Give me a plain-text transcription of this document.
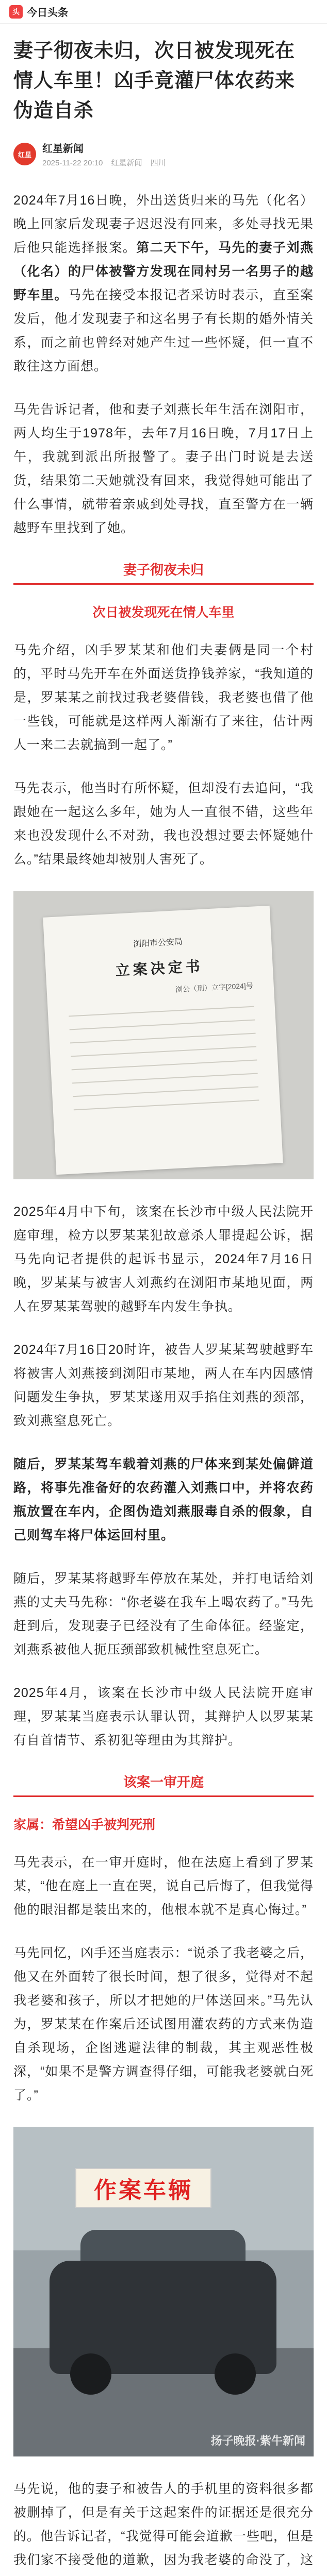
头 今日头条
妻子彻夜未归，次日被发现死在情人车里！凶手竟灌尸体农药来伪造自杀
红星	红星新闻
2025-11-22 20:10 红星新闻 四川

2024年7月16日晚，外出送货归来的马先（化名）晚上回家后发现妻子迟迟没有回来，多处寻找无果后他只能选择报案。第二天下午，马先的妻子刘燕（化名）的尸体被警方发现在同村另一名男子的越野车里。马先在接受本报记者采访时表示，直至案发后，他才发现妻子和这名男子有长期的婚外情关系，而之前也曾经对她产生过一些怀疑，但一直不敢往这方面想。

马先告诉记者，他和妻子刘燕长年生活在浏阳市，两人均生于1978年，去年7月16日晚，7月17日上午，我就到派出所报警了。妻子出门时说是去送货，结果第二天她就没有回来，我觉得她可能出了什么事情，就带着亲戚到处寻找，直至警方在一辆越野车里找到了她。

妻子彻夜未归
次日被发现死在情人车里

马先介绍，凶手罗某某和他们夫妻俩是同一个村的，平时马先开车在外面送货挣钱养家，“我知道的是，罗某某之前找过我老婆借钱，我老婆也借了他一些钱，可能就是这样两人渐渐有了来往，估计两人一来二去就搞到一起了。”

马先表示，他当时有所怀疑，但却没有去追问，“我跟她在一起这么多年，她为人一直很不错，这些年来也没发现什么不对劲，我也没想过要去怀疑她什么。”结果最终她却被别人害死了。

浏阳市公安局
立案决定书
浏公（刑）立字[2024]号

2025年4月中下旬，该案在长沙市中级人民法院开庭审理，检方以罗某某犯故意杀人罪提起公诉，据马先向记者提供的起诉书显示，2024年7月16日晚，罗某某与被害人刘燕约在浏阳市某地见面，两人在罗某某驾驶的越野车内发生争执。

2024年7月16日20时许，被告人罗某某驾驶越野车将被害人刘燕接到浏阳市某地，两人在车内因感情问题发生争执，罗某某遂用双手掐住刘燕的颈部，致刘燕窒息死亡。

随后，罗某某驾车载着刘燕的尸体来到某处偏僻道路，将事先准备好的农药灌入刘燕口中，并将农药瓶放置在车内，企图伪造刘燕服毒自杀的假象，自己则驾车将尸体运回村里。

随后，罗某某将越野车停放在某处，并打电话给刘燕的丈夫马先称：“你老婆在我车上喝农药了。”马先赶到后，发现妻子已经没有了生命体征。经鉴定，刘燕系被他人扼压颈部致机械性窒息死亡。

2025年4月，该案在长沙市中级人民法院开庭审理，罗某某当庭表示认罪认罚，其辩护人以罗某某有自首情节、系初犯等理由为其辩护。

该案一审开庭
家属：希望凶手被判死刑

马先表示，在一审开庭时，他在法庭上看到了罗某某，“他在庭上一直在哭，说自己后悔了，但我觉得他的眼泪都是装出来的，他根本就不是真心悔过。”

马先回忆，凶手还当庭表示：“说杀了我老婆之后，他又在外面转了很长时间，想了很多，觉得对不起我老婆和孩子，所以才把她的尸体送回来。”马先认为，罗某某在作案后还试图用灌农药的方式来伪造自杀现场，企图逃避法律的制裁，其主观恶性极深，“如果不是警方调查得仔细，可能我老婆就白死了。”

作案车辆
扬子晚报·紫牛新闻

马先说，他的妻子和被告人的手机里的资料很多都被删掉了，但是有关于这起案件的证据还是很充分的。他告诉记者，“我觉得可能会道歉一些吧，但是我们家不接受他的道歉，因为我老婆的命没了，这
